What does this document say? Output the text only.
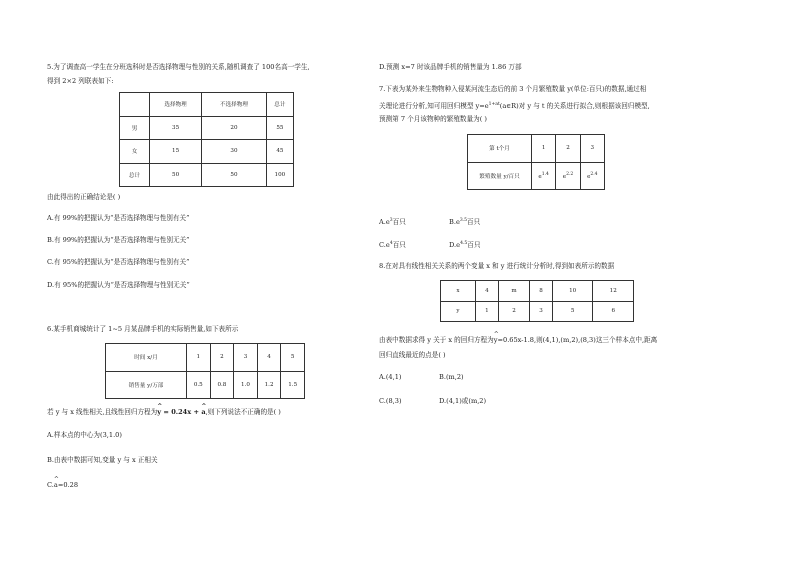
5.为了调查高一学生在分班选科时是否选择物理与性别的关系,随机调查了 100名高一学生,
得到 2×2 列联表如下:
	选择物理	不选择物理	总计
男	35	20	55
女	15	30	45
总计	50	50	100
由此得出的正确结论是( )
A.有 99%的把握认为“是否选择物理与性别有关”
B.有 99%的把握认为“是否选择物理与性别无关”
C.有 95%的把握认为“是否选择物理与性别有关”
D.有 95%的把握认为“是否选择物理与性别无关”
6.某手机商城统计了 1~5 月某品牌手机的实际销售量,如下表所示
时间 x/月	1	2	3	4	5
销售量 y/万部	0.5	0.8	1.0	1.2	1.5
若 y 与 x 线性相关,且线性回归方程为^ y = 0.24x + ^ a,则下列说法不正确的是( )
A.样本点的中心为(3,1.0)
B.由表中数据可知,变量 y 与 x 正相关
C.^ a=0.28
D.预测 x=7 时该品牌手机的销售量为 1.86 万部
7.下表为某外来生物物种入侵某河流生态后的前 3 个月繁殖数量 y(单位:百只)的数据,通过相
关理论进行分析,知可用回归模型 $y=e^{1+at}(a\in R)$对 y 与 t 的关系进行拟合,则根据该回归模型,
预测第 7 个月该物种的繁殖数量为( )
第 t个月	1	2	3
繁殖数量 y/百只	$e^{1.4}$	$e^{2.2}$	$e^{2.4}$
$A.e^3$百只	$B.e^{3.5}$百只
$C.e^4$百只	$D.e^{4.5}$百只
8.在对具有线性相关关系的两个变量 x 和 y 进行统计分析时,得到如表所示的数据
x	4	m	8	10	12
y	1	2	3	5	6
由表中数据求得 y 关于 x 的回归方程为^ y=0.65x-1.8,则(4,1),(m,2),(8,3)这三个样本点中,距离
回归直线最近的点是( )
A.(4,1)	B.(m,2)
C.(8,3)	D.(4,1)或(m,2)
